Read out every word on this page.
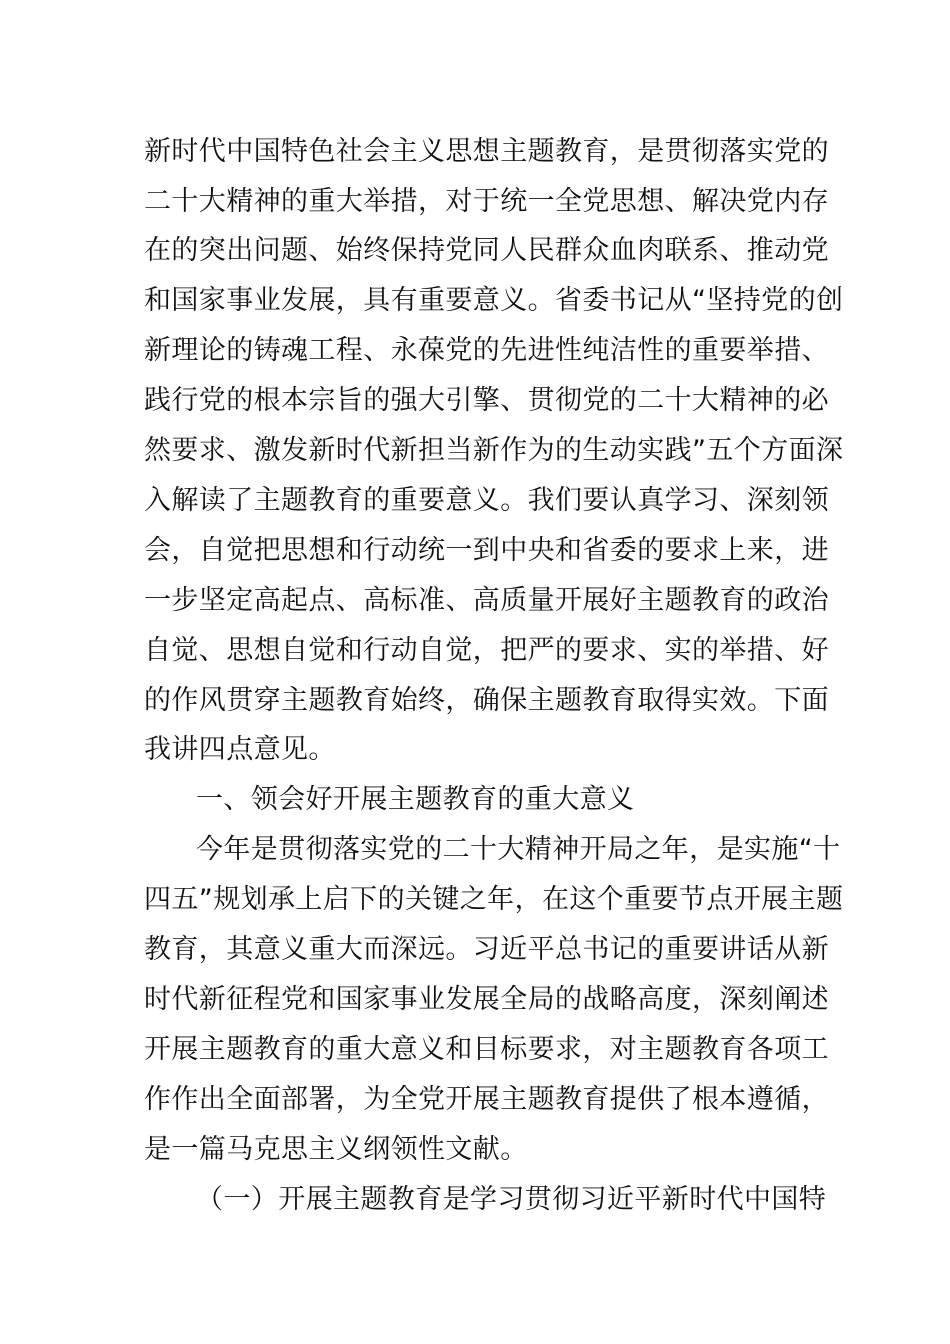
新时代中国特色社会主义思想主题教育，是贯彻落实党的
二十大精神的重大举措，对于统一全党思想、解决党内存
在的突出问题、始终保持党同人民群众血肉联系、推动党
和国家事业发展，具有重要意义。省委书记从“坚持党的创
新理论的铸魂工程、永葆党的先进性纯洁性的重要举措、
践行党的根本宗旨的强大引擎、贯彻党的二十大精神的必
然要求、激发新时代新担当新作为的生动实践”五个方面深
入解读了主题教育的重要意义。我们要认真学习、深刻领
会，自觉把思想和行动统一到中央和省委的要求上来，进
一步坚定高起点、高标准、高质量开展好主题教育的政治
自觉、思想自觉和行动自觉，把严的要求、实的举措、好
的作风贯穿主题教育始终，确保主题教育取得实效。下面
我讲四点意见。
一、领会好开展主题教育的重大意义
今年是贯彻落实党的二十大精神开局之年，是实施“十
四五”规划承上启下的关键之年，在这个重要节点开展主题
教育，其意义重大而深远。习近平总书记的重要讲话从新
时代新征程党和国家事业发展全局的战略高度，深刻阐述
开展主题教育的重大意义和目标要求，对主题教育各项工
作作出全面部署，为全党开展主题教育提供了根本遵循，
是一篇马克思主义纲领性文献。
（一）开展主题教育是学习贯彻习近平新时代中国特
